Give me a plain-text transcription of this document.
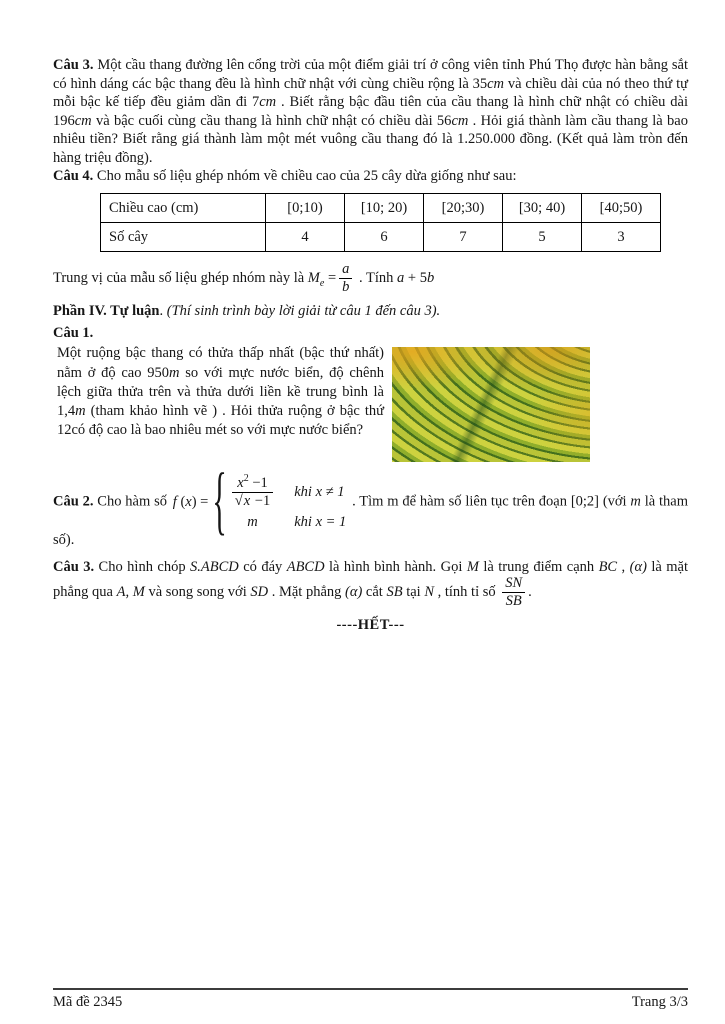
Câu 3. Một cầu thang đường lên cổng trời của một điểm giải trí ở công viên tỉnh Phú Thọ được hàn bằng sắt có hình dáng các bậc thang đều là hình chữ nhật với cùng chiều rộng là 35cm và chiều dài của nó theo thứ tự mỗi bậc kế tiếp đều giảm dần đi 7cm . Biết rằng bậc đầu tiên của cầu thang là hình chữ nhật có chiều dài 196cm và bậc cuối cùng cầu thang là hình chữ nhật có chiều dài 56cm . Hỏi giá thành làm cầu thang là bao nhiêu tiền? Biết rằng giá thành làm một mét vuông cầu thang đó là 1.250.000 đồng. (Kết quả làm tròn đến hàng triệu đồng).

Câu 4. Cho mẫu số liệu ghép nhóm về chiều cao của 25 cây dừa giống như sau:

Chiều cao (cm)	[0;10)	[10; 20)	[20;30)	[30; 40)	[40;50)
Số cây	4	6	7	5	3

Trung vị của mẫu số liệu ghép nhóm này là $M_e = \frac{a}{b}$ . Tính a + 5b

Phần IV. Tự luận. (Thí sinh trình bày lời giải từ câu 1 đến câu 3).

Câu 1.

Một ruộng bậc thang có thửa thấp nhất (bậc thứ nhất) nằm ở độ cao 950m so với mực nước biển, độ chênh lệch giữa thửa trên và thửa dưới liền kề trung bình là 1,4m (tham khảo hình vẽ ) . Hỏi thửa ruộng ở bậc thứ 12có độ cao là bao nhiêu mét so với mực nước biển?

Câu 2. Cho hàm số f (x) = { $\frac{x^2 -1}{√x -1}$ khi x ≠ 1
m	khi x = 1
. Tìm m để hàm số liên tục trên đoạn [0;2] (với m là tham số).

Câu 3. Cho hình chóp S.ABCD có đáy ABCD là hình bình hành. Gọi M là trung điểm cạnh BC , (α) là mặt phẳng qua A, M và song song với SD . Mặt phẳng (α) cắt SB tại N , tính tỉ số $\frac{SN}{SB}$ .

----HẾT---

Mã đề 2345	Trang 3/3
